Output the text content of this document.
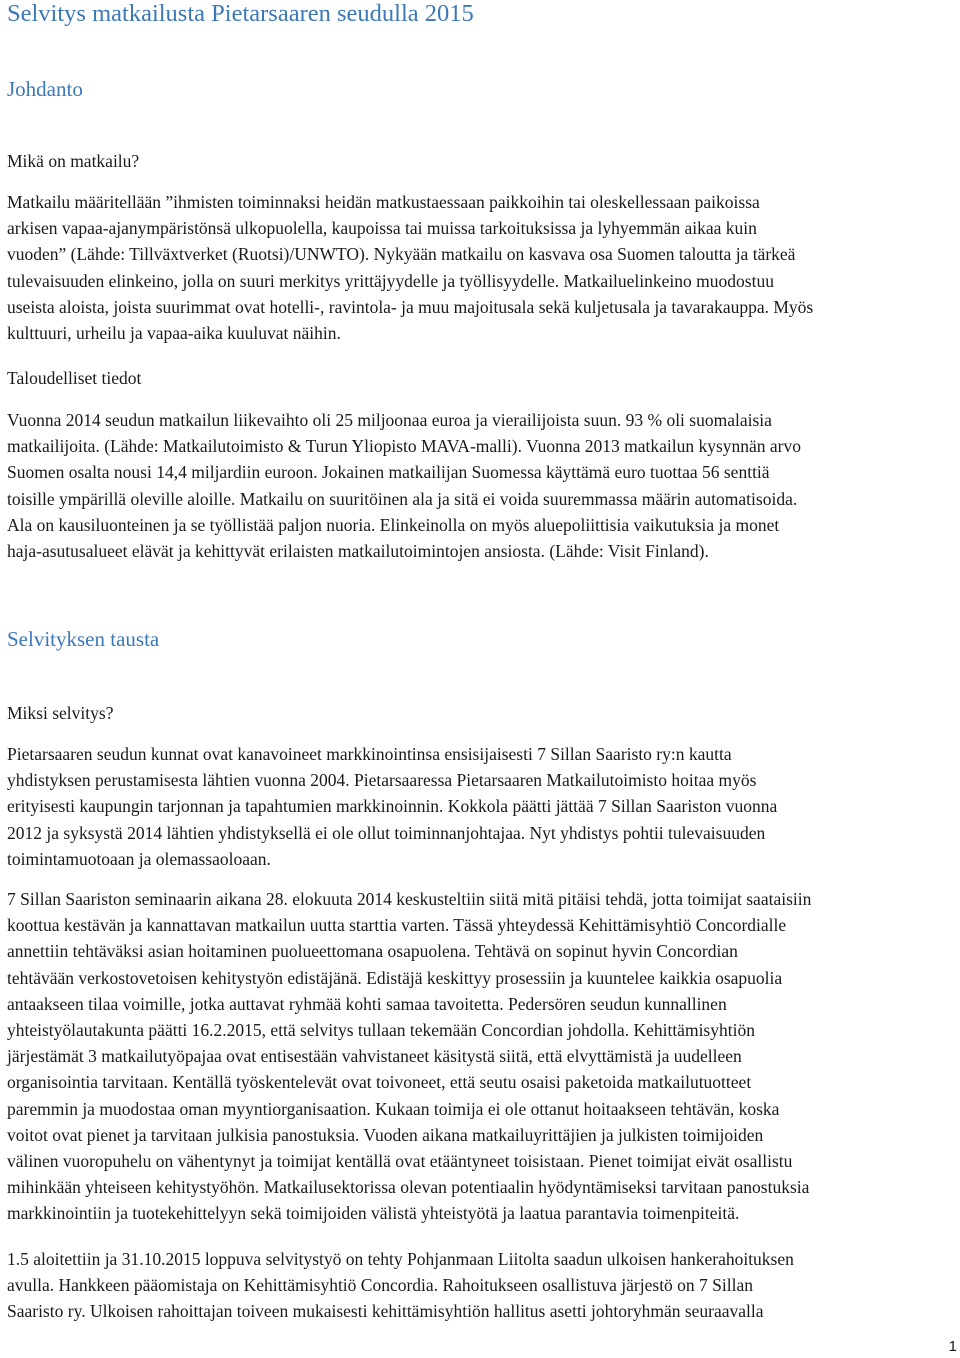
Selvitys matkailusta Pietarsaaren seudulla 2015
Johdanto
Mikä on matkailu?
Matkailu määritellään ”ihmisten toiminnaksi heidän matkustaessaan paikkoihin tai oleskellessaan paikoissa
arkisen vapaa-ajanympäristönsä ulkopuolella, kaupoissa tai muissa tarkoituksissa ja lyhyemmän aikaa kuin
vuoden” (Lähde: Tillväxtverket (Ruotsi)/UNWTO). Nykyään matkailu on kasvava osa Suomen taloutta ja tärkeä
tulevaisuuden elinkeino, jolla on suuri merkitys yrittäjyydelle ja työllisyydelle. Matkailuelinkeino muodostuu
useista aloista, joista suurimmat ovat hotelli-, ravintola- ja muu majoitusala sekä kuljetusala ja tavarakauppa. Myös
kulttuuri, urheilu ja vapaa-aika kuuluvat näihin.
Taloudelliset tiedot
Vuonna 2014 seudun matkailun liikevaihto oli 25 miljoonaa euroa ja vierailijoista suun. 93 % oli suomalaisia
matkailijoita. (Lähde: Matkailutoimisto & Turun Yliopisto MAVA-malli). Vuonna 2013 matkailun kysynnän arvo
Suomen osalta nousi 14,4 miljardiin euroon. Jokainen matkailijan Suomessa käyttämä euro tuottaa 56 senttiä
toisille ympärillä oleville aloille. Matkailu on suuritöinen ala ja sitä ei voida suuremmassa määrin automatisoida.
Ala on kausiluonteinen ja se työllistää paljon nuoria. Elinkeinolla on myös aluepoliittisia vaikutuksia ja monet
haja-asutusalueet elävät ja kehittyvät erilaisten matkailutoimintojen ansiosta. (Lähde: Visit Finland).
Selvityksen tausta
Miksi selvitys?
Pietarsaaren seudun kunnat ovat kanavoineet markkinointinsa ensisijaisesti 7 Sillan Saaristo ry:n kautta
yhdistyksen perustamisesta lähtien vuonna 2004. Pietarsaaressa Pietarsaaren Matkailutoimisto hoitaa myös
erityisesti kaupungin tarjonnan ja tapahtumien markkinoinnin. Kokkola päätti jättää 7 Sillan Saariston vuonna
2012 ja syksystä 2014 lähtien yhdistyksellä ei ole ollut toiminnanjohtajaa. Nyt yhdistys pohtii tulevaisuuden
toimintamuotoaan ja olemassaoloaan.
7 Sillan Saariston seminaarin aikana 28. elokuuta 2014 keskusteltiin siitä mitä pitäisi tehdä, jotta toimijat saataisiin
koottua kestävän ja kannattavan matkailun uutta starttia varten. Tässä yhteydessä Kehittämisyhtiö Concordialle
annettiin tehtäväksi asian hoitaminen puolueettomana osapuolena. Tehtävä on sopinut hyvin Concordian
tehtävään verkostovetoisen kehitystyön edistäjänä. Edistäjä keskittyy prosessiin ja kuuntelee kaikkia osapuolia
antaakseen tilaa voimille, jotka auttavat ryhmää kohti samaa tavoitetta. Pedersören seudun kunnallinen
yhteistyölautakunta päätti 16.2.2015, että selvitys tullaan tekemään Concordian johdolla. Kehittämisyhtiön
järjestämät 3 matkailutyöpajaa ovat entisestään vahvistaneet käsitystä siitä, että elvyttämistä ja uudelleen
organisointia tarvitaan. Kentällä työskentelevät ovat toivoneet, että seutu osaisi paketoida matkailutuotteet
paremmin ja muodostaa oman myyntiorganisaation. Kukaan toimija ei ole ottanut hoitaakseen tehtävän, koska
voitot ovat pienet ja tarvitaan julkisia panostuksia. Vuoden aikana matkailuyrittäjien ja julkisten toimijoiden
välinen vuoropuhelu on vähentynyt ja toimijat kentällä ovat etääntyneet toisistaan. Pienet toimijat eivät osallistu
mihinkään yhteiseen kehitystyöhön. Matkailusektorissa olevan potentiaalin hyödyntämiseksi tarvitaan panostuksia
markkinointiin ja tuotekehittelyyn sekä toimijoiden välistä yhteistyötä ja laatua parantavia toimenpiteitä.
1.5 aloitettiin ja 31.10.2015 loppuva selvitystyö on tehty Pohjanmaan Liitolta saadun ulkoisen hankerahoituksen
avulla. Hankkeen pääomistaja on Kehittämisyhtiö Concordia. Rahoitukseen osallistuva järjestö on 7 Sillan
Saaristo ry. Ulkoisen rahoittajan toiveen mukaisesti kehittämisyhtiön hallitus asetti johtoryhmän seuraavalla
1
